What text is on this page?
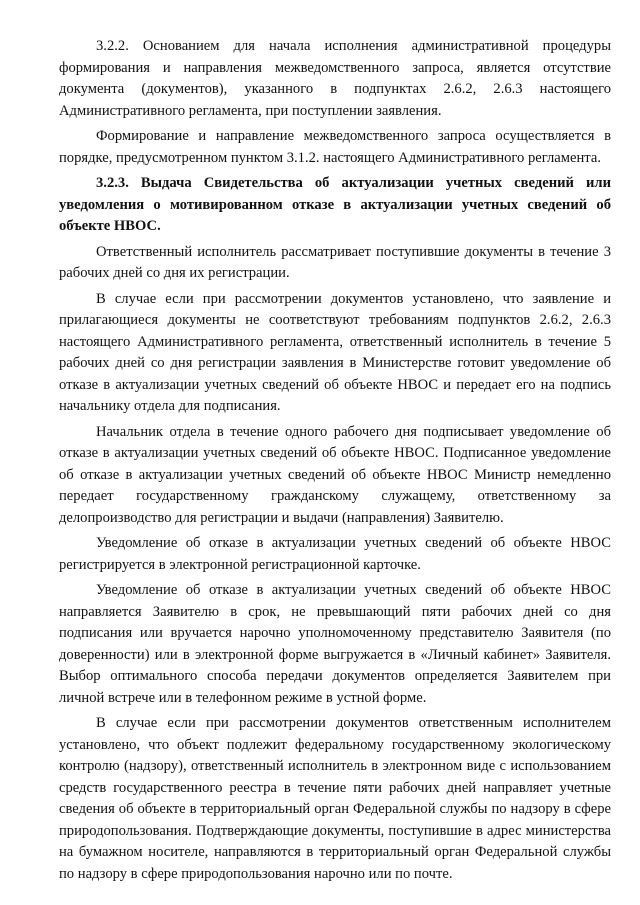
3.2.2. Основанием для начала исполнения административной процедуры формирования и направления межведомственного запроса, является отсутствие документа (документов), указанного в подпунктах 2.6.2, 2.6.3 настоящего Административного регламента, при поступлении заявления.

Формирование и направление межведомственного запроса осуществляется в порядке, предусмотренном пунктом 3.1.2. настоящего Административного регламента.

3.2.3. Выдача Свидетельства об актуализации учетных сведений или уведомления о мотивированном отказе в актуализации учетных сведений об объекте НВОС.

Ответственный исполнитель рассматривает поступившие документы в течение 3 рабочих дней со дня их регистрации.

В случае если при рассмотрении документов установлено, что заявление и прилагающиеся документы не соответствуют требованиям подпунктов 2.6.2, 2.6.3 настоящего Административного регламента, ответственный исполнитель в течение 5 рабочих дней со дня регистрации заявления в Министерстве готовит уведомление об отказе в актуализации учетных сведений об объекте НВОС и передает его на подпись начальнику отдела для подписания.

Начальник отдела в течение одного рабочего дня подписывает уведомление об отказе в актуализации учетных сведений об объекте НВОС. Подписанное уведомление об отказе в актуализации учетных сведений об объекте НВОС Министр немедленно передает государственному гражданскому служащему, ответственному за делопроизводство для регистрации и выдачи (направления) Заявителю.

Уведомление об отказе в актуализации учетных сведений об объекте НВОС регистрируется в электронной регистрационной карточке.

Уведомление об отказе в актуализации учетных сведений об объекте НВОС направляется Заявителю в срок, не превышающий пяти рабочих дней со дня подписания или вручается нарочно уполномоченному представителю Заявителя (по доверенности) или в электронной форме выгружается в «Личный кабинет» Заявителя. Выбор оптимального способа передачи документов определяется Заявителем при личной встрече или в телефонном режиме в устной форме.

В случае если при рассмотрении документов ответственным исполнителем установлено, что объект подлежит федеральному государственному экологическому контролю (надзору), ответственный исполнитель в электронном виде с использованием средств государственного реестра в течение пяти рабочих дней направляет учетные сведения об объекте в территориальный орган Федеральной службы по надзору в сфере природопользования. Подтверждающие документы, поступившие в адрес министерства на бумажном носителе, направляются в территориальный орган Федеральной службы по надзору в сфере природопользования нарочно или по почте.
